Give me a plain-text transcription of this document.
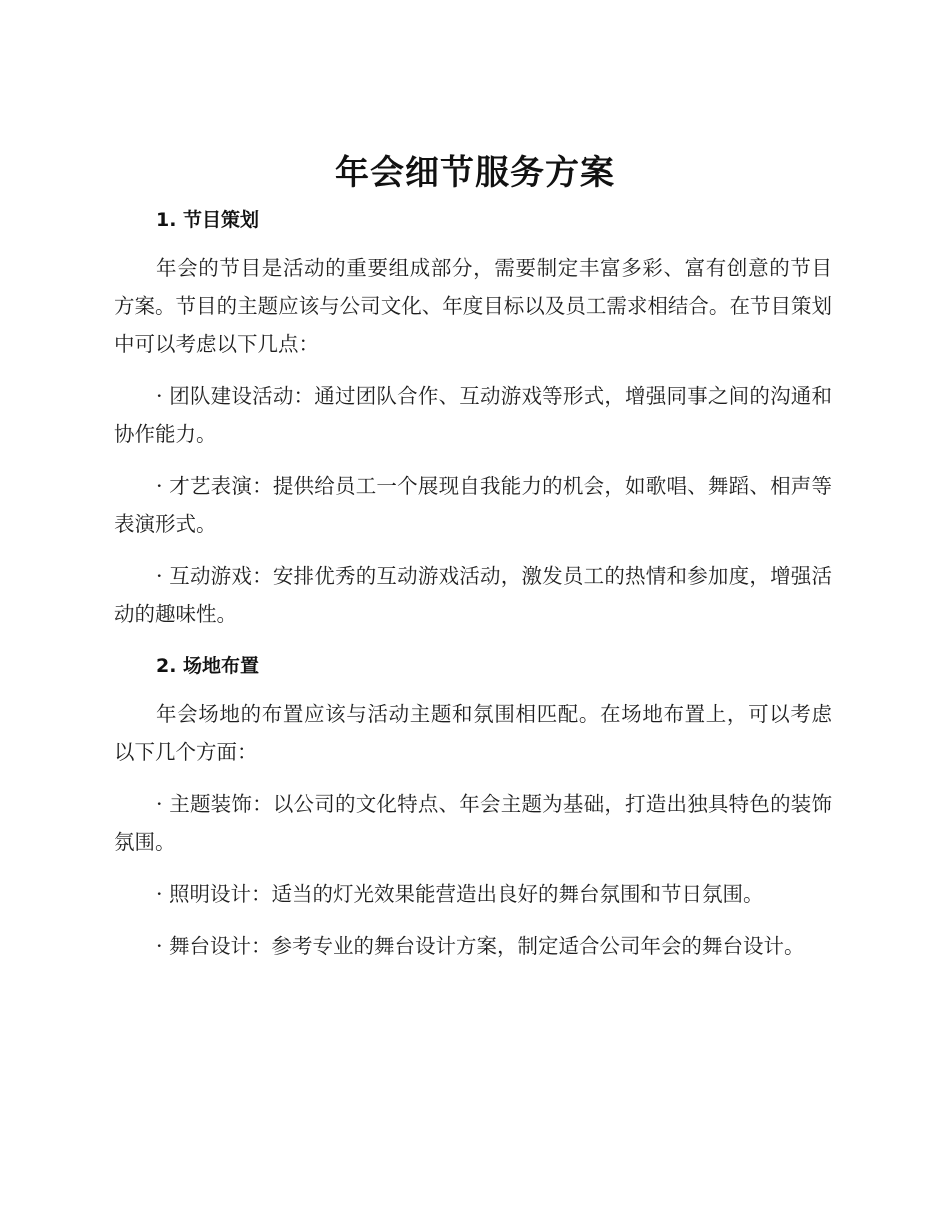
年会细节服务方案
1. 节目策划

年会的节目是活动的重要组成部分，需要制定丰富多彩、富有创意的节目方案。节目的主题应该与公司文化、年度目标以及员工需求相结合。在节目策划中可以考虑以下几点：

· 团队建设活动：通过团队合作、互动游戏等形式，增强同事之间的沟通和协作能力。

· 才艺表演：提供给员工一个展现自我能力的机会，如歌唱、舞蹈、相声等表演形式。

· 互动游戏：安排优秀的互动游戏活动，激发员工的热情和参加度，增强活动的趣味性。

2. 场地布置

年会场地的布置应该与活动主题和氛围相匹配。在场地布置上，可以考虑以下几个方面：

· 主题装饰：以公司的文化特点、年会主题为基础，打造出独具特色的装饰氛围。

· 照明设计：适当的灯光效果能营造出良好的舞台氛围和节日氛围。

· 舞台设计：参考专业的舞台设计方案，制定适合公司年会的舞台设计。
